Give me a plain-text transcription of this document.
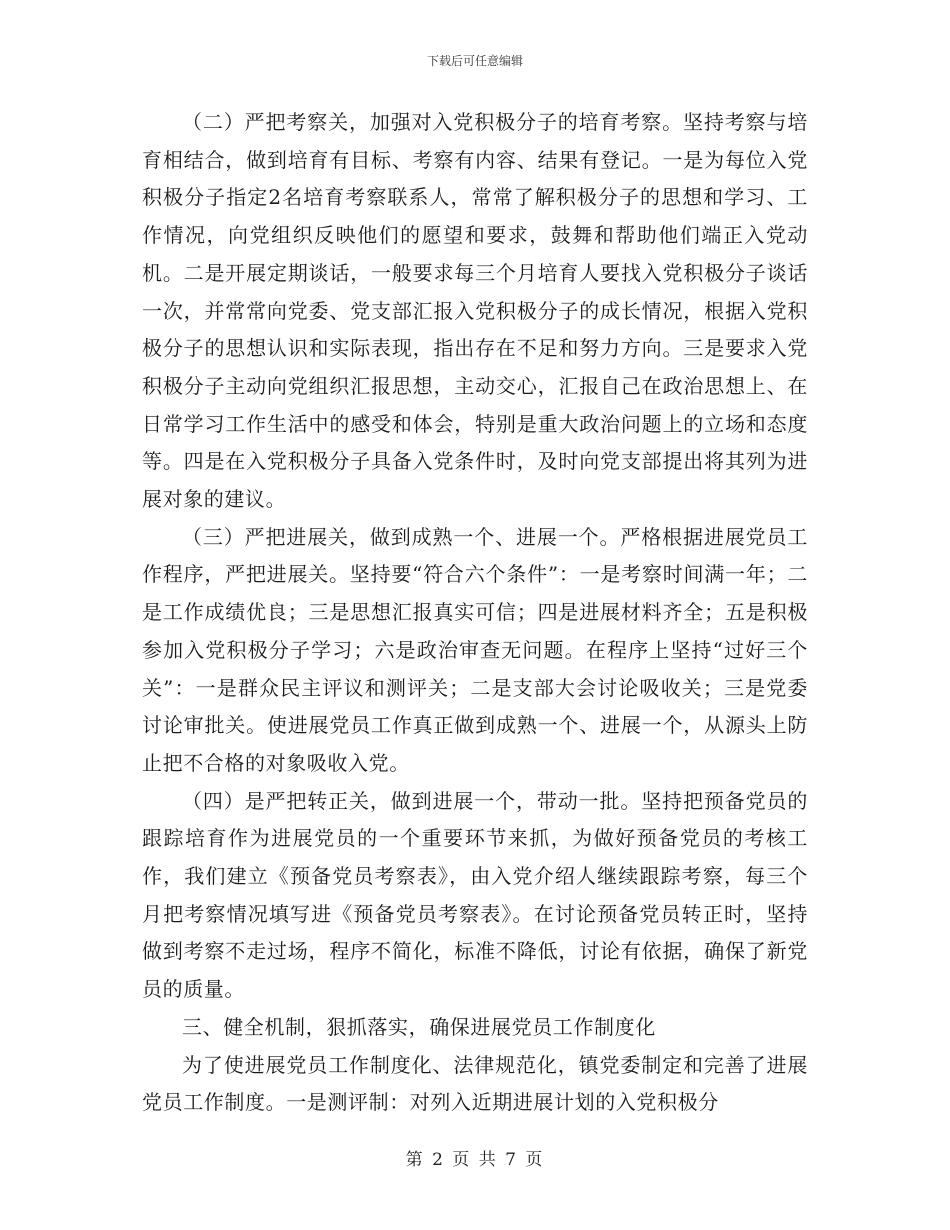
下载后可任意编辑

（二）严把考察关，加强对入党积极分子的培育考察。坚持考察与培育相结合，做到培育有目标、考察有内容、结果有登记。一是为每位入党积极分子指定2名培育考察联系人，常常了解积极分子的思想和学习、工作情况，向党组织反映他们的愿望和要求，鼓舞和帮助他们端正入党动机。二是开展定期谈话，一般要求每三个月培育人要找入党积极分子谈话一次，并常常向党委、党支部汇报入党积极分子的成长情况，根据入党积极分子的思想认识和实际表现，指出存在不足和努力方向。三是要求入党积极分子主动向党组织汇报思想，主动交心，汇报自己在政治思想上、在日常学习工作生活中的感受和体会，特别是重大政治问题上的立场和态度等。四是在入党积极分子具备入党条件时，及时向党支部提出将其列为进展对象的建议。

（三）严把进展关，做到成熟一个、进展一个。严格根据进展党员工作程序，严把进展关。坚持要“符合六个条件”：一是考察时间满一年；二是工作成绩优良；三是思想汇报真实可信；四是进展材料齐全；五是积极参加入党积极分子学习；六是政治审查无问题。在程序上坚持“过好三个关”：一是群众民主评议和测评关；二是支部大会讨论吸收关；三是党委讨论审批关。使进展党员工作真正做到成熟一个、进展一个，从源头上防止把不合格的对象吸收入党。

（四）是严把转正关，做到进展一个，带动一批。坚持把预备党员的跟踪培育作为进展党员的一个重要环节来抓，为做好预备党员的考核工作，我们建立《预备党员考察表》，由入党介绍人继续跟踪考察，每三个月把考察情况填写进《预备党员考察表》。在讨论预备党员转正时，坚持做到考察不走过场，程序不简化，标准不降低，讨论有依据，确保了新党员的质量。

三、健全机制，狠抓落实，确保进展党员工作制度化

为了使进展党员工作制度化、法律规范化，镇党委制定和完善了进展党员工作制度。一是测评制：对列入近期进展计划的入党积极分

第 2 页 共 7 页
